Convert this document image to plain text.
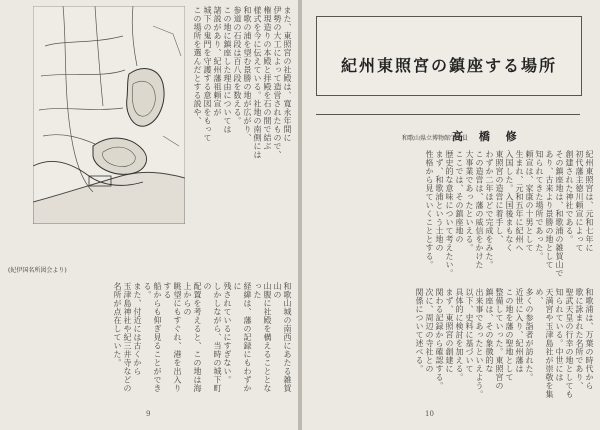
(紀伊国名所図会より)
また、東照宮の社殿は、寛永年間に
伊勢の大工によって造営されたもので、
権現造りの本殿と拝殿を石の間で結ぶ
様式を今に伝えている。社地の南側には
和歌の浦を望む景勝の地が広がり、
参道の石段は百八段を数える。
この地に鎮座した理由については
諸説があり、紀州藩祖頼宣が
城下の鬼門を守護する意図をもって
この場所を選んだとする説や、
和歌山城の南西にあたる雑賀山の
山腹に社殿を構えることとなった
経緯は、藩の記録にもわずかに
残されているにすぎない。
しかしながら、当時の城下町の
配置を考えると、この地は海上からの
眺望にもすぐれ、港を出入りする
船からも仰ぎ見ることができる。
また、付近には古くから
玉津島神社や紀三井寺などの
名所が点在していた。
9
紀州東照宮の鎮座する場所
和歌山県立博物館学芸員
高 橋 修
紀州東照宮は、元和七年に
初代藩主徳川頼宣によって
創建された神社である。
その鎮座地は、和歌浦の雑賀山で
あり、古来より景勝の地として
知られてきた場所であった。
頼宣は、家康の十男として
生まれ、元和五年に紀州へ
入国した。入国後まもなく
東照宮の造営に着手し、
わずか二年ほどで完成をみた。
この造営は、藩の威信をかけた
大事業であったといえる。
ここでは、その鎮座地の
歴史的な意味について考えたい。
まず、和歌浦という土地の
性格から見ていくこととする。
和歌浦は、万葉の時代から
歌に詠まれた名所であり、
聖武天皇の行幸の地としても
知られている。中世には
天満宮や玉津島社が崇敬を集め、
多くの参詣者が訪れた。
近世に入り、紀州藩は
この地を藩の聖地として
整備していった。東照宮の
鎮座は、その象徴的な
出来事であったといえよう。
以下、史料に基づいて
具体的に検討を加える。
まず、東照宮の創建に
関わる記録から確認する。
次に、周辺の寺社との
関係について述べる。
10
